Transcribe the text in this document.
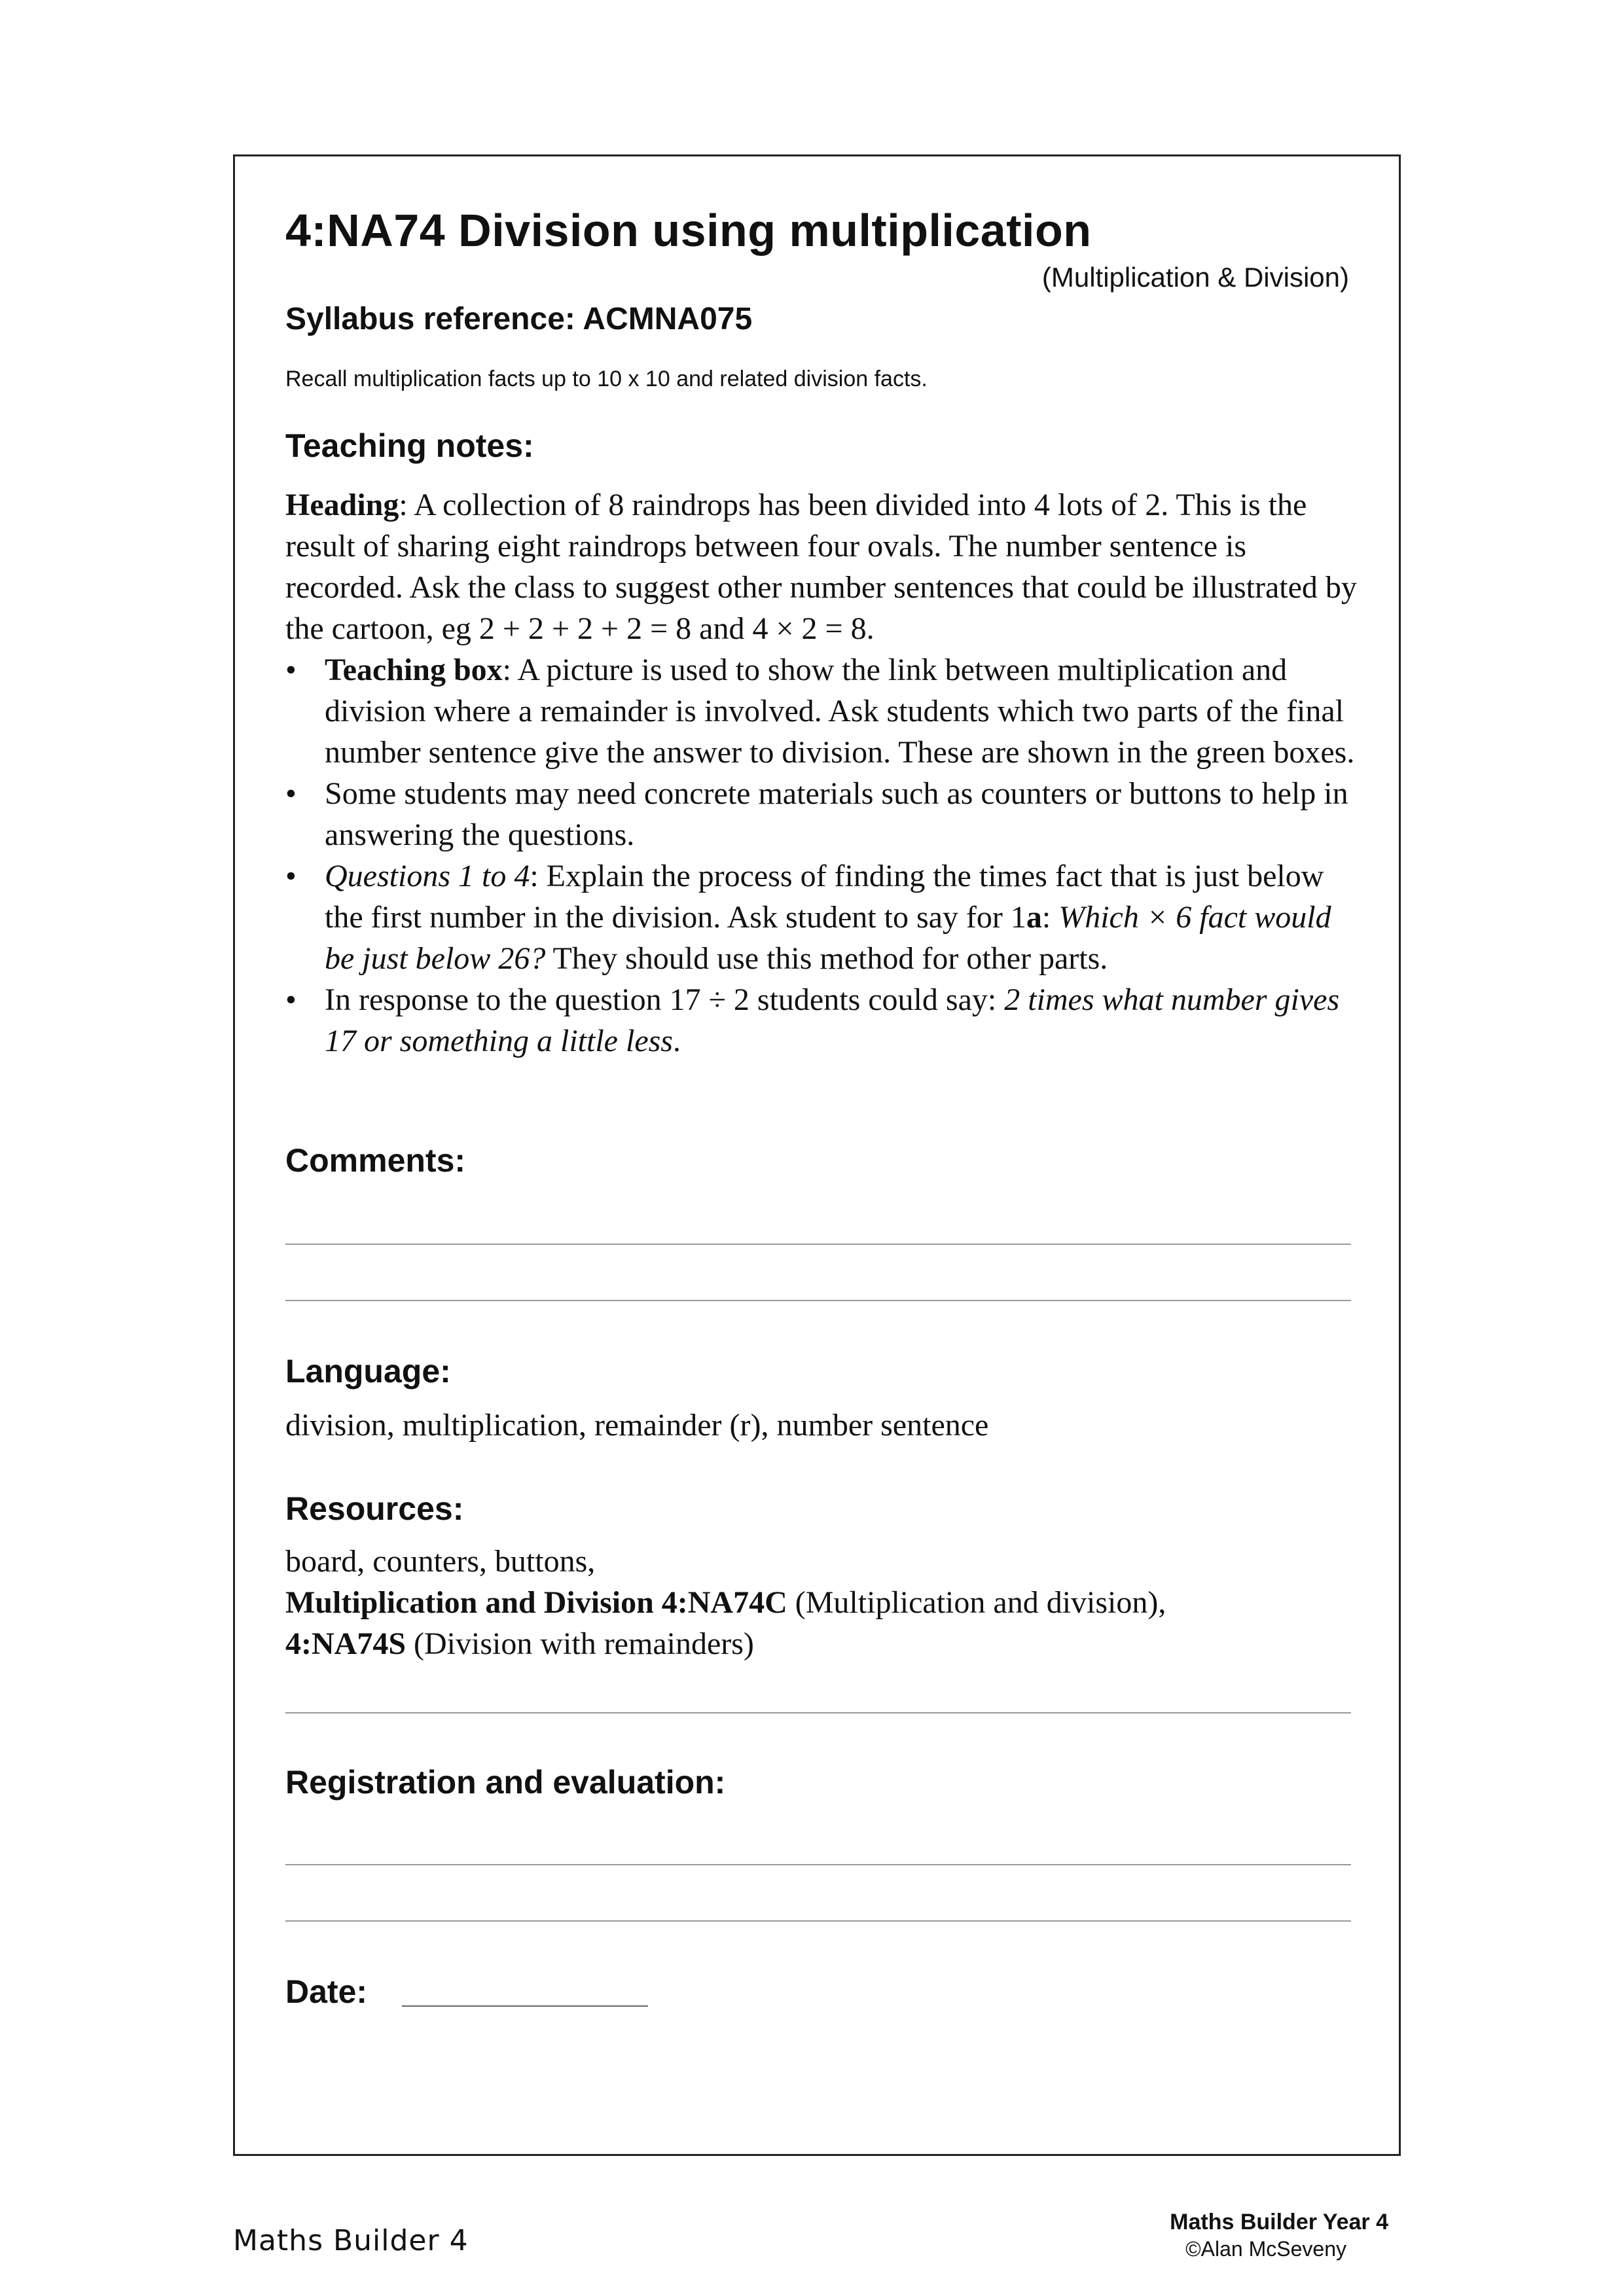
4:NA74 Division using multiplication
(Multiplication & Division)
Syllabus reference: ACMNA075
Recall multiplication facts up to 10 x 10 and related division facts.
Teaching notes:

Heading: A collection of 8 raindrops has been divided into 4 lots of 2. This is the result of sharing eight raindrops between four ovals. The number sentence is recorded. Ask the class to suggest other number sentences that could be illustrated by the cartoon, eg 2 + 2 + 2 + 2 = 8 and 4 × 2 = 8.

• Teaching box: A picture is used to show the link between multiplication and division where a remainder is involved. Ask students which two parts of the final number sentence give the answer to division. These are shown in the green boxes.
• Some students may need concrete materials such as counters or buttons to help in answering the questions.
• Questions 1 to 4: Explain the process of finding the times fact that is just below the first number in the division. Ask student to say for 1a: Which × 6 fact would be just below 26? They should use this method for other parts.
• In response to the question 17 ÷ 2 students could say: 2 times what number gives 17 or something a little less.
Comments:
Language:
division, multiplication, remainder (r), number sentence
Resources:
board, counters, buttons,
Multiplication and Division 4:NA74C (Multiplication and division),
4:NA74S (Division with remainders)
Registration and evaluation:
Date:
Maths Builder 4
Maths Builder Year 4
©Alan McSeveny
